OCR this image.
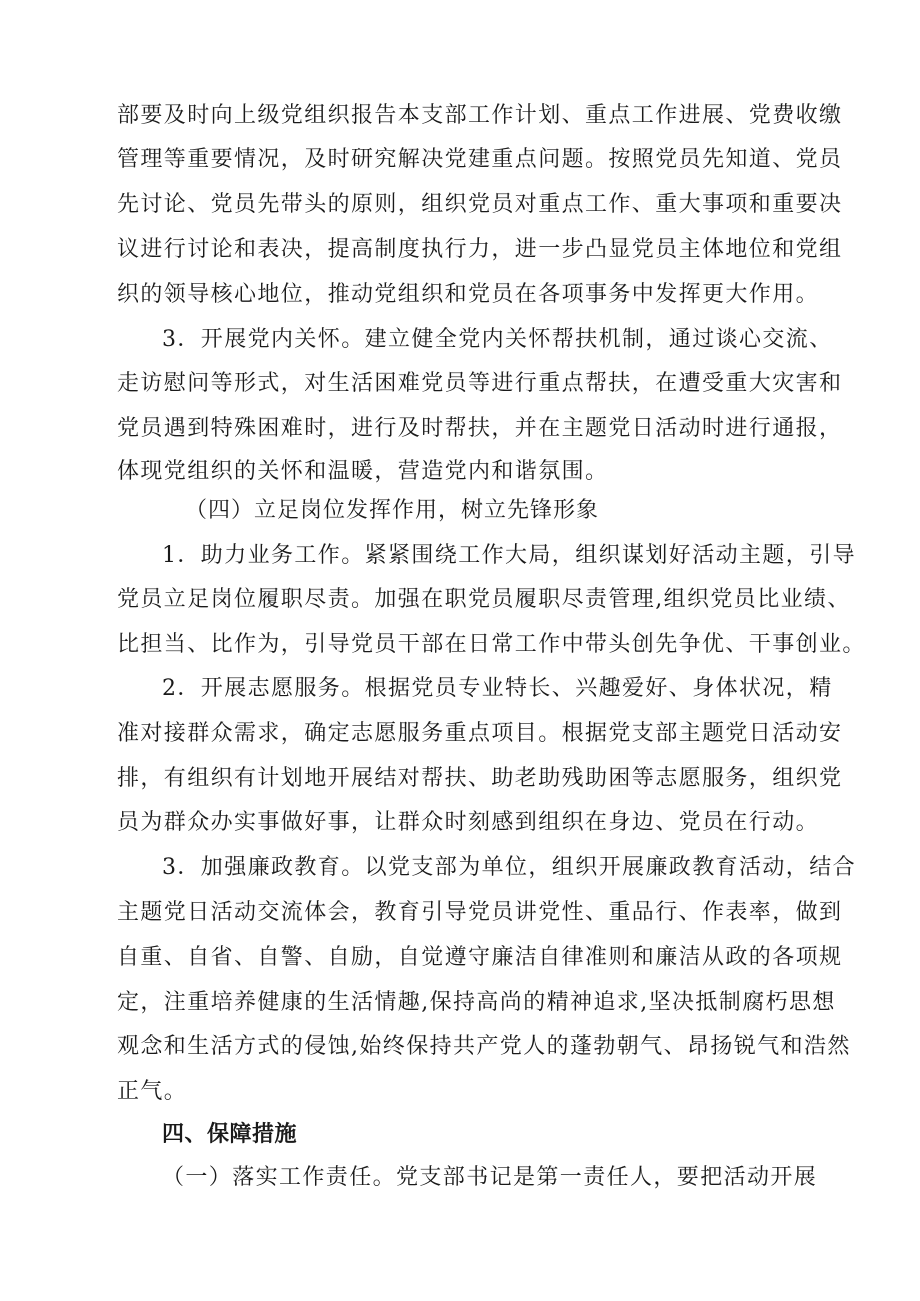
部要及时向上级党组织报告本支部工作计划、重点工作进展、党费收缴
管理等重要情况，及时研究解决党建重点问题。按照党员先知道、党员
先讨论、党员先带头的原则，组织党员对重点工作、重大事项和重要决
议进行讨论和表决，提高制度执行力，进一步凸显党员主体地位和党组
织的领导核心地位，推动党组织和党员在各项事务中发挥更大作用。
3．开展党内关怀。建立健全党内关怀帮扶机制，通过谈心交流、
走访慰问等形式，对生活困难党员等进行重点帮扶，在遭受重大灾害和
党员遇到特殊困难时，进行及时帮扶，并在主题党日活动时进行通报，
体现党组织的关怀和温暖，营造党内和谐氛围。
（四）立足岗位发挥作用，树立先锋形象
1．助力业务工作。紧紧围绕工作大局，组织谋划好活动主题，引导
党员立足岗位履职尽责。加强在职党员履职尽责管理,组织党员比业绩、
比担当、比作为，引导党员干部在日常工作中带头创先争优、干事创业。
2．开展志愿服务。根据党员专业特长、兴趣爱好、身体状况，精
准对接群众需求，确定志愿服务重点项目。根据党支部主题党日活动安
排，有组织有计划地开展结对帮扶、助老助残助困等志愿服务，组织党
员为群众办实事做好事，让群众时刻感到组织在身边、党员在行动。
3．加强廉政教育。以党支部为单位，组织开展廉政教育活动，结合
主题党日活动交流体会，教育引导党员讲党性、重品行、作表率，做到
自重、自省、自警、自励，自觉遵守廉洁自律准则和廉洁从政的各项规
定，注重培养健康的生活情趣,保持高尚的精神追求,坚决抵制腐朽思想
观念和生活方式的侵蚀,始终保持共产党人的蓬勃朝气、昂扬锐气和浩然
正气。
四、保障措施
（一）落实工作责任。党支部书记是第一责任人，要把活动开展
